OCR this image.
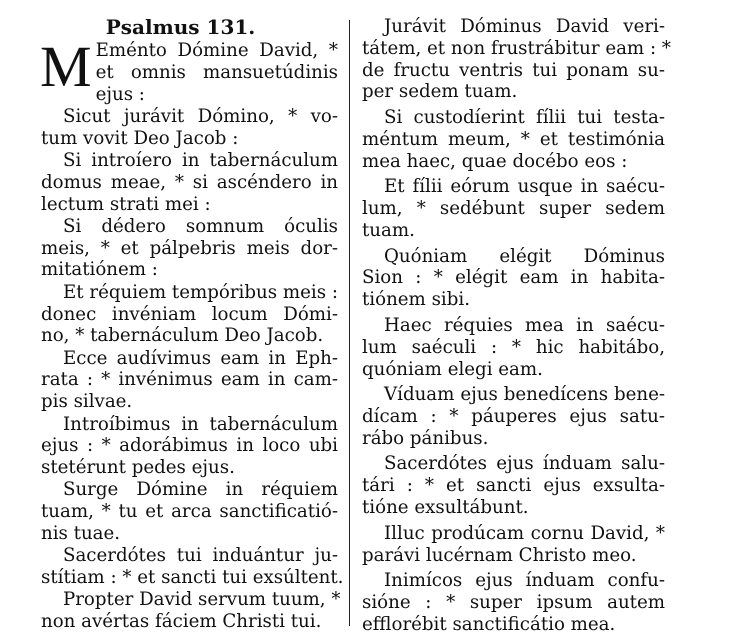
Psalmus 131.
M Eménto Dómine David, *
et omnis mansuetúdinis
ejus :

Sicut jurávit Dómino, * vo-
tum vovit Deo Jacob :

Si introíero in tabernáculum
domus meae, * si ascéndero in
lectum strati mei :

Si dédero somnum óculis
meis, * et pálpebris meis dor-
mitatiónem :

Et réquiem tempóribus meis :
donec invéniam locum Dómi-
no, * tabernáculum Deo Jacob.

Ecce audívimus eam in Eph-
rata : * invénimus eam in cam-
pis silvae.

Introíbimus in tabernáculum
ejus : * adorábimus in loco ubi
stetérunt pedes ejus.

Surge Dómine in réquiem
tuam, * tu et arca sanctificatió-
nis tuae.

Sacerdótes tui induántur ju-
stítiam : * et sancti tui exsúltent.

Propter David servum tuum, *
non avértas fáciem Christi tui.

Jurávit Dóminus David veri-
tátem, et non frustrábitur eam : *
de fructu ventris tui ponam su-
per sedem tuam.

Si custodíerint fílii tui testa-
méntum meum, * et testimónia
mea haec, quae docébo eos :

Et fílii eórum usque in saécu-
lum, * sedébunt super sedem
tuam.

Quóniam elégit Dóminus
Sion : * elégit eam in habita-
tiónem sibi.

Haec réquies mea in saécu-
lum saéculi : * hic habitábo,
quóniam elegi eam.

Víduam ejus benedícens bene-
dícam : * páuperes ejus satu-
rábo pánibus.

Sacerdótes ejus índuam salu-
tári : * et sancti ejus exsulta-
tióne exsultábunt.

Illuc prodúcam cornu David, *
parávi lucérnam Christo meo.

Inimícos ejus índuam confu-
sióne : * super ipsum autem
efflorébit sanctificátio mea.
